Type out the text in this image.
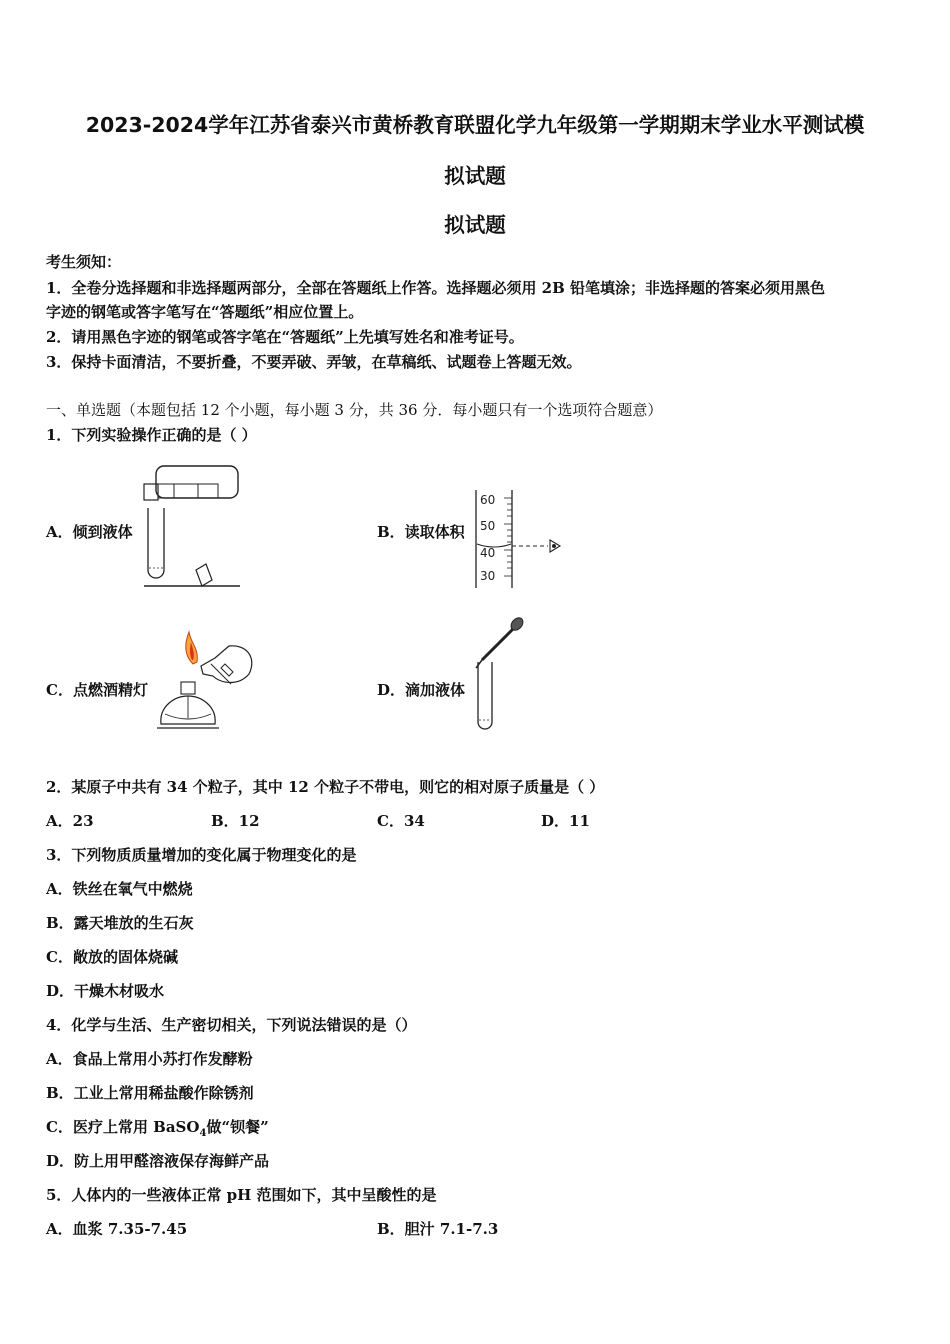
2023-2024学年江苏省泰兴市黄桥教育联盟化学九年级第一学期期末学业水平测试模
拟试题
拟试题
考生须知：
1．全卷分选择题和非选择题两部分，全部在答题纸上作答。选择题必须用 2B 铅笔填涂；非选择题的答案必须用黑色
字迹的钢笔或答字笔写在“答题纸”相应位置上。
2．请用黑色字迹的钢笔或答字笔在“答题纸”上先填写姓名和准考证号。
3．保持卡面清洁，不要折叠，不要弄破、弄皱，在草稿纸、试题卷上答题无效。
一、单选题（本题包括 12 个小题，每小题 3 分，共 36 分．每小题只有一个选项符合题意）
1．下列实验操作正确的是（ ）
A．倾到液体	B．读取体积
60
50
40
30
C．点燃酒精灯	D．滴加液体
2．某原子中共有 34 个粒子，其中 12 个粒子不带电，则它的相对原子质量是（ ）
A．23	B．12	C．34	D．11
3．下列物质质量增加的变化属于物理变化的是
A．铁丝在氧气中燃烧
B．露天堆放的生石灰
C．敞放的固体烧碱
D．干燥木材吸水
4．化学与生活、生产密切相关，下列说法错误的是（）
A．食品上常用小苏打作发酵粉
B．工业上常用稀盐酸作除锈剂
C．医疗上常用 BaSO$_4$做“钡餐”
D．防上用甲醛溶液保存海鲜产品
5．人体内的一些液体正常 pH 范围如下，其中呈酸性的是
A．血浆 7.35-7.45	B．胆汁 7.1-7.3
